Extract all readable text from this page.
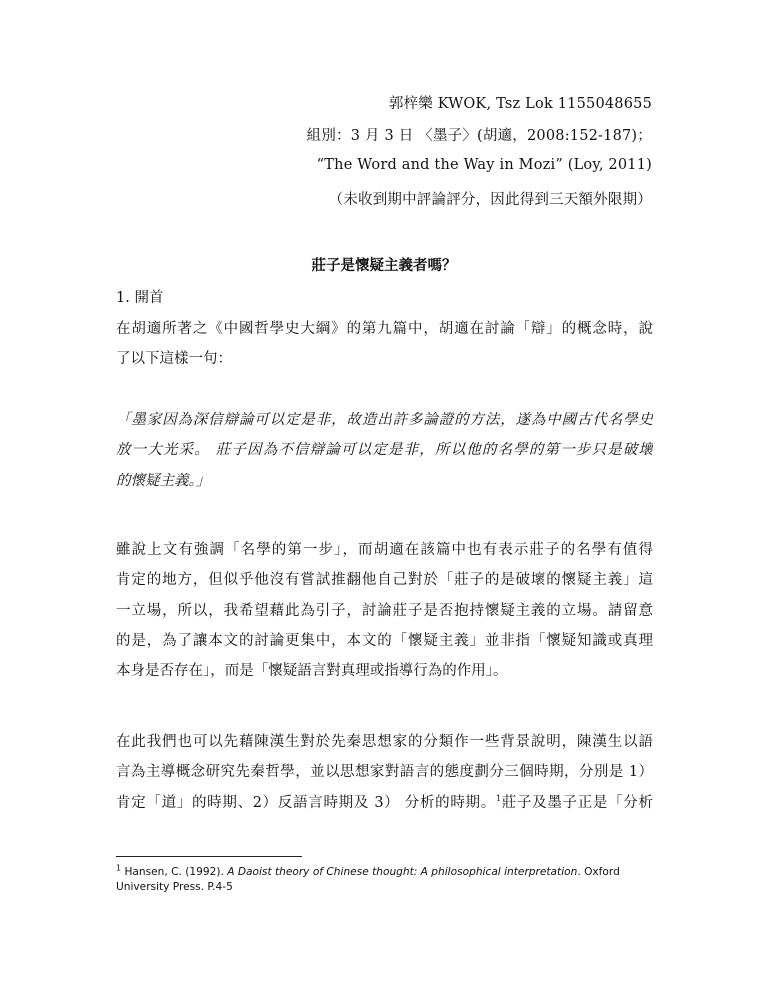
郭梓樂 KWOK, Tsz Lok 1155048655
組別：3 月 3 日 〈墨子〉(胡適，2008:152-187)；
“The Word and the Way in Mozi” (Loy, 2011)
（未收到期中評論評分，因此得到三天額外限期）
莊子是懷疑主義者嗎？
1. 開首
在胡適所著之《中國哲學史大綱》的第九篇中，胡適在討論「辯」的概念時，說
了以下這樣一句：
「墨家因為深信辯論可以定是非，故造出許多論證的方法，遂為中國古代名學史
放一大光采。 莊子因為不信辯論可以定是非，所以他的名學的第一步只是破壞
的懷疑主義。」
雖說上文有強調「名學的第一步」，而胡適在該篇中也有表示莊子的名學有值得
肯定的地方，但似乎他沒有嘗試推翻他自己對於「莊子的是破壞的懷疑主義」這
一立場，所以，我希望藉此為引子，討論莊子是否抱持懷疑主義的立場。請留意
的是，為了讓本文的討論更集中，本文的「懷疑主義」並非指「懷疑知識或真理
本身是否存在」，而是「懷疑語言對真理或指導行為的作用」。
在此我們也可以先藉陳漢生對於先秦思想家的分類作一些背景說明，陳漢生以語
言為主導概念研究先秦哲學，並以思想家對語言的態度劃分三個時期，分別是 1）
肯定「道」的時期、2）反語言時期及 3） 分析的時期。$^1$莊子及墨子正是「分析
$^1$ Hansen, C. (1992). A Daoist theory of Chinese thought: A philosophical interpretation. Oxford University Press. P.4-5
